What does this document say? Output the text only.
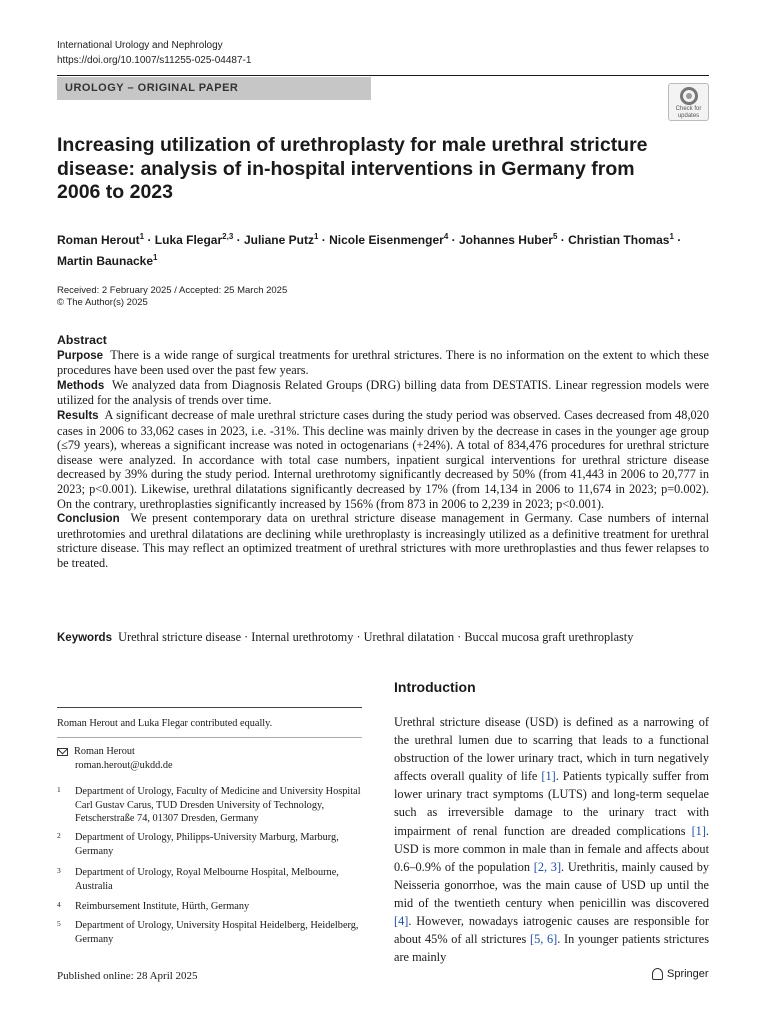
International Urology and Nephrology
https://doi.org/10.1007/s11255-025-04487-1
UROLOGY – ORIGINAL PAPER
Check for
updates
Increasing utilization of urethroplasty for male urethral stricture disease: analysis of in-hospital interventions in Germany from 2006 to 2023
Roman Herout$^1$ · Luka Flegar$^{2,3}$ · Juliane Putz$^1$ · Nicole Eisenmenger$^4$ · Johannes Huber$^5$ · Christian Thomas$^1$ ·
Martin Baunacke$^1$
Received: 2 February 2025 / Accepted: 25 March 2025
© The Author(s) 2025
Abstract

Purpose There is a wide range of surgical treatments for urethral strictures. There is no information on the extent to which these procedures have been used over the past few years.

Methods We analyzed data from Diagnosis Related Groups (DRG) billing data from DESTATIS. Linear regression models were utilized for the analysis of trends over time.

Results A significant decrease of male urethral stricture cases during the study period was observed. Cases decreased from 48,020 cases in 2006 to 33,062 cases in 2023, i.e. -31%. This decline was mainly driven by the decrease in cases in the younger age group (≤79 years), whereas a significant increase was noted in octogenarians (+24%). A total of 834,476 procedures for urethral stricture disease were analyzed. In accordance with total case numbers, inpatient surgical interventions for urethral stricture disease decreased by 39% during the study period. Internal urethrotomy significantly decreased by 50% (from 41,443 in 2006 to 20,777 in 2023; p<0.001). Likewise, urethral dilatations significantly decreased by 17% (from 14,134 in 2006 to 11,674 in 2023; p=0.002). On the contrary, urethroplasties significantly increased by 156% (from 873 in 2006 to 2,239 in 2023; p<0.001).

Conclusion We present contemporary data on urethral stricture disease management in Germany. Case numbers of internal urethrotomies and urethral dilatations are declining while urethroplasty is increasingly utilized as a definitive treatment for urethral stricture disease. This may reflect an optimized treatment of urethral strictures with more urethroplasties and thus fewer relapses to be treated.

Keywords Urethral stricture disease · Internal urethrotomy · Urethral dilatation · Buccal mucosa graft urethroplasty
Roman Herout and Luka Flegar contributed equally.
Roman Herout
roman.herout@ukdd.de
1 Department of Urology, Faculty of Medicine and University Hospital Carl Gustav Carus, TUD Dresden University of Technology, Fetscherstraße 74, 01307 Dresden, Germany
2 Department of Urology, Philipps-University Marburg, Marburg, Germany
3 Department of Urology, Royal Melbourne Hospital, Melbourne, Australia
4 Reimbursement Institute, Hürth, Germany
5 Department of Urology, University Hospital Heidelberg, Heidelberg, Germany
Introduction
Urethral stricture disease (USD) is defined as a narrowing of the urethral lumen due to scarring that leads to a functional obstruction of the lower urinary tract, which in turn negatively affects overall quality of life [1]. Patients typically suffer from lower urinary tract symptoms (LUTS) and long-term sequelae such as irreversible damage to the urinary tract with impairment of renal function are dreaded complications [1]. USD is more common in male than in female and affects about 0.6–0.9% of the population [2, 3]. Urethritis, mainly caused by Neisseria gonorrhoe, was the main cause of USD up until the mid of the twentieth century when penicillin was discovered [4]. However, nowadays iatrogenic causes are responsible for about 45% of all strictures [5, 6]. In younger patients strictures are mainly
Published online: 28 April 2025	Springer
